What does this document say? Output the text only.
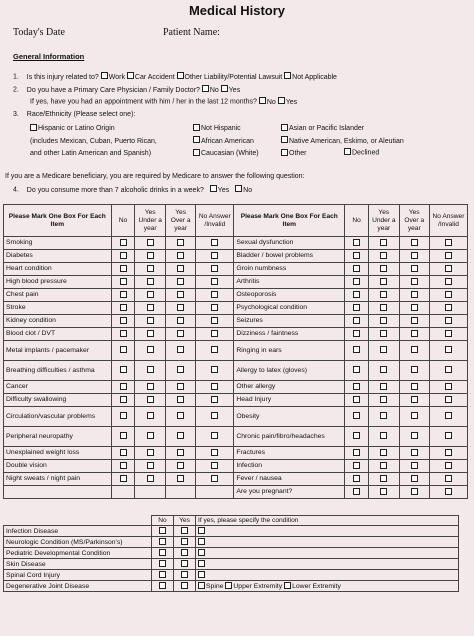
Medical History
Today's Date	Patient Name:
General Information
1. Is this injury related to? Work Car Accident Other Liability/Potential Lawsuit Not Applicable
2. Do you have a Primary Care Physician / Family Doctor? No Yes
If yes, have you had an appointment with him / her in the last 12 months? No Yes
3. Race/Ethnicity (Please select one):
Hispanic or Latino Origin
(includes Mexican, Cuban, Puerto Rican,
and other Latin American and Spanish)
Not Hispanic
African American
Caucasian (White)
Asian or Pacific Islander
Native American, Eskimo, or Aleutian
Other	Declined
If you are a Medicare beneficiary, you are required by Medicare to answer the following question:
4. Do you consume more than 7 alcoholic drinks in a week? Yes No
Please Mark One Box For Each Item	No	Yes Under a year	Yes Over a year	No Answer /Invalid	Please Mark One Box For Each Item	No	Yes Under a year	Yes Over a year	No Answer /Invalid
Smoking					Sexual dysfunction				
Diabetes					Bladder / bowel problems				
Heart condition					Groin numbness				
High blood pressure					Arthritis				
Chest pain					Osteoporosis				
Stroke					Psychological condition				
Kidney condition					Seizures				
Blood clot / DVT					Dizziness / faintness				
Metal implants / pacemaker					Ringing in ears				
Breathing difficulties / asthma					Allergy to latex (gloves)				
Cancer					Other allergy				
Difficulty swallowing					Head Injury				
Circulation/vascular problems					Obesity				
Peripheral neuropathy					Chronic pain/fibro/headaches				
Unexplained weight loss					Fractures				
Double vision					Infection				
Night sweats / night pain					Fever / nausea				
					Are you pregnant?				
	No	Yes	If yes, please specify the condition
Infection Disease			
Neurologic Condition (MS/Parkinson's)			
Pediatric Developmental Condition			
Skin Disease			
Spinal Cord Injury			
Degenerative Joint Disease			Spine Upper Extremity Lower Extremity
